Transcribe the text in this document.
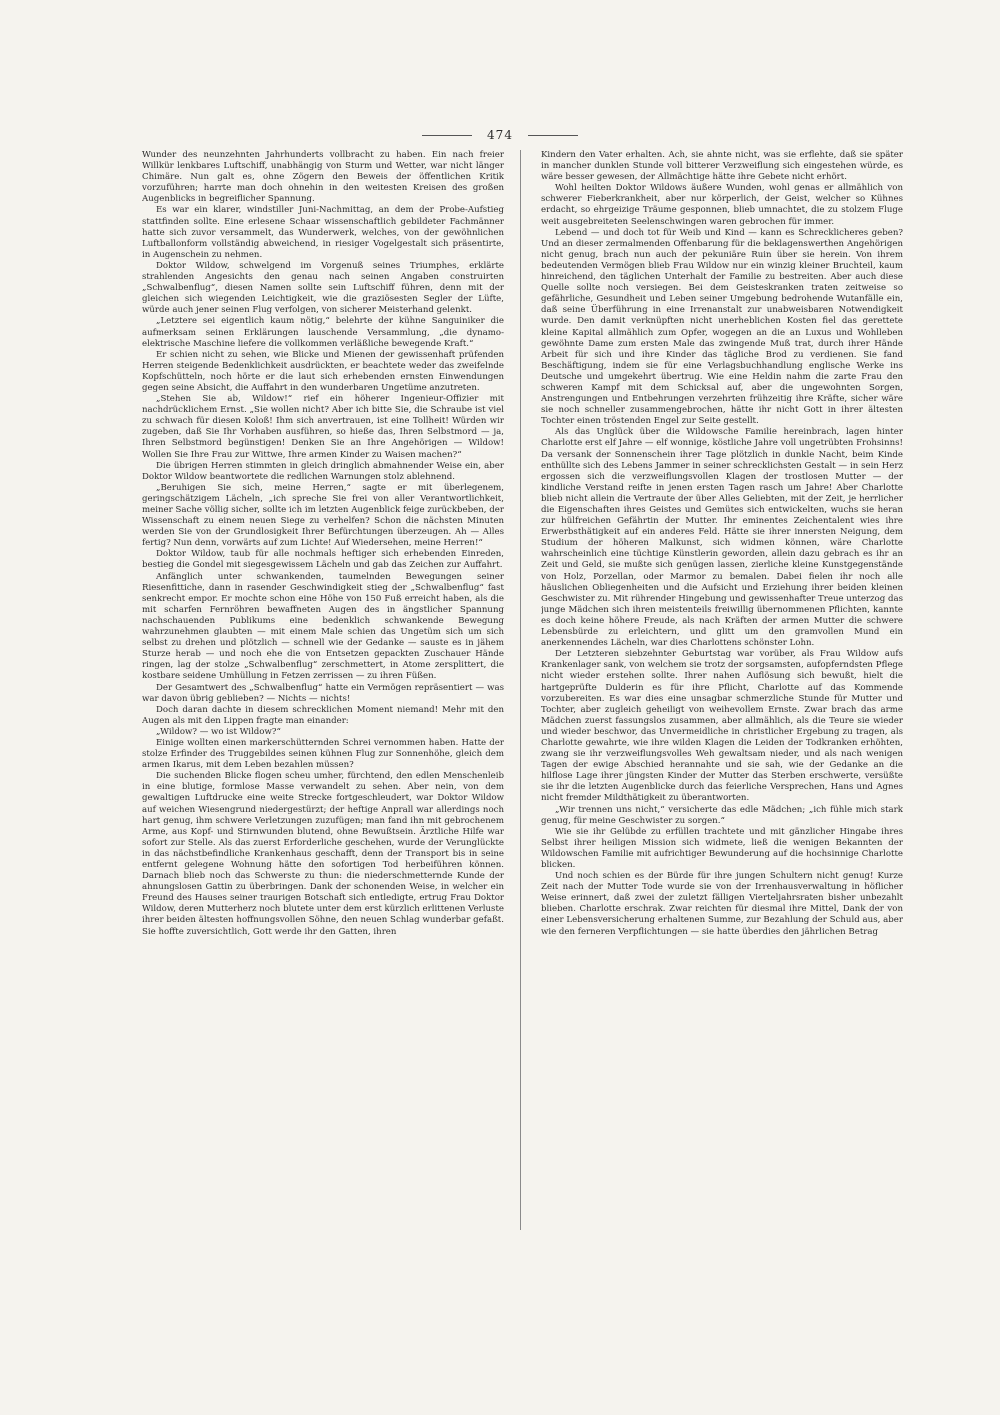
474

Wunder des neunzehnten Jahrhunderts vollbracht zu haben. Ein nach freier Willkür lenkbares Luftschiff, unabhängig von Sturm und Wetter, war nicht länger Chimäre. Nun galt es, ohne Zögern den Beweis der öffentlichen Kritik vorzuführen; harrte man doch ohnehin in den weitesten Kreisen des großen Augenblicks in begreiflicher Spannung.

Es war ein klarer, windstiller Juni-Nachmittag, an dem der Probe-Aufstieg stattfinden sollte. Eine erlesene Schaar wissenschaftlich gebildeter Fachmänner hatte sich zuvor versammelt, das Wunderwerk, welches, von der gewöhnlichen Luftballonform vollständig abweichend, in riesiger Vogelgestalt sich präsentirte, in Augenschein zu nehmen.

Doktor Wildow, schwelgend im Vorgenuß seines Triumphes, erklärte strahlenden Angesichts den genau nach seinen Angaben construirten „Schwalbenflug“, diesen Namen sollte sein Luftschiff führen, denn mit der gleichen sich wiegenden Leichtigkeit, wie die graziösesten Segler der Lüfte, würde auch jener seinen Flug verfolgen, von sicherer Meisterhand gelenkt.

„Letztere sei eigentlich kaum nötig,“ belehrte der kühne Sanguiniker die aufmerksam seinen Erklärungen lauschende Versammlung, „die dynamo-elektrische Maschine liefere die vollkommen verläßliche bewegende Kraft.“

Er schien nicht zu sehen, wie Blicke und Mienen der gewissenhaft prüfenden Herren steigende Bedenklichkeit ausdrückten, er beachtete weder das zweifelnde Kopfschütteln, noch hörte er die laut sich erhebenden ernsten Einwendungen gegen seine Absicht, die Auffahrt in den wunderbaren Ungetüme anzutreten.

„Stehen Sie ab, Wildow!“ rief ein höherer Ingenieur-Offizier mit nachdrücklichem Ernst. „Sie wollen nicht? Aber ich bitte Sie, die Schraube ist viel zu schwach für diesen Koloß! Ihm sich anvertrauen, ist eine Tollheit! Würden wir zugeben, daß Sie Ihr Vorhaben ausführen, so hieße das, Ihren Selbstmord — ja, Ihren Selbstmord begünstigen! Denken Sie an Ihre Angehörigen — Wildow! Wollen Sie Ihre Frau zur Wittwe, Ihre armen Kinder zu Waisen machen?“

Die übrigen Herren stimmten in gleich dringlich abmahnender Weise ein, aber Doktor Wildow beantwortete die redlichen Warnungen stolz ablehnend.

„Beruhigen Sie sich, meine Herren,“ sagte er mit überlegenem, geringschätzigem Lächeln, „ich spreche Sie frei von aller Verantwortlichkeit, meiner Sache völlig sicher, sollte ich im letzten Augenblick feige zurückbeben, der Wissenschaft zu einem neuen Siege zu verhelfen? Schon die nächsten Minuten werden Sie von der Grundlosigkeit Ihrer Befürchtungen überzeugen. Ah — Alles fertig? Nun denn, vorwärts auf zum Lichte! Auf Wiedersehen, meine Herren!“

Doktor Wildow, taub für alle nochmals heftiger sich erhebenden Einreden, bestieg die Gondel mit siegesgewissem Lächeln und gab das Zeichen zur Auffahrt.

Anfänglich unter schwankenden, taumelnden Bewegungen seiner Riesenfittiche, dann in rasender Geschwindigkeit stieg der „Schwalbenflug“ fast senkrecht empor. Er mochte schon eine Höhe von 150 Fuß erreicht haben, als die mit scharfen Fernröhren bewaffneten Augen des in ängstlicher Spannung nachschauenden Publikums eine bedenklich schwankende Bewegung wahrzunehmen glaubten — mit einem Male schien das Ungetüm sich um sich selbst zu drehen und plötzlich — schnell wie der Gedanke — sauste es in jähem Sturze herab — und noch ehe die von Entsetzen gepackten Zuschauer Hände ringen, lag der stolze „Schwalbenflug“ zerschmettert, in Atome zersplittert, die kostbare seidene Umhüllung in Fetzen zerrissen — zu ihren Füßen.

Der Gesamtwert des „Schwalbenflug“ hatte ein Vermögen repräsentiert — was war davon übrig geblieben? — Nichts — nichts!

Doch daran dachte in diesem schrecklichen Moment niemand! Mehr mit den Augen als mit den Lippen fragte man einander:

„Wildow? — wo ist Wildow?“

Einige wollten einen markerschütternden Schrei vernommen haben. Hatte der stolze Erfinder des Truggebildes seinen kühnen Flug zur Sonnenhöhe, gleich dem armen Ikarus, mit dem Leben bezahlen müssen?

Die suchenden Blicke flogen scheu umher, fürchtend, den edlen Menschenleib in eine blutige, formlose Masse verwandelt zu sehen. Aber nein, von dem gewaltigen Luftdrucke eine weite Strecke fortgeschleudert, war Doktor Wildow auf weichen Wiesengrund niedergestürzt; der heftige Anprall war allerdings noch hart genug, ihm schwere Verletzungen zuzufügen; man fand ihn mit gebrochenem Arme, aus Kopf- und Stirnwunden blutend, ohne Bewußtsein. Ärztliche Hilfe war sofort zur Stelle. Als das zuerst Erforderliche geschehen, wurde der Verunglückte in das nächstbefindliche Krankenhaus geschafft, denn der Transport bis in seine entfernt gelegene Wohnung hätte den sofortigen Tod herbeiführen können. Darnach blieb noch das Schwerste zu thun: die niederschmetternde Kunde der ahnungslosen Gattin zu überbringen. Dank der schonenden Weise, in welcher ein Freund des Hauses seiner traurigen Botschaft sich entledigte, ertrug Frau Doktor Wildow, deren Mutterherz noch blutete unter dem erst kürzlich erlittenen Verluste ihrer beiden ältesten hoffnungsvollen Söhne, den neuen Schlag wunderbar gefaßt. Sie hoffte zuversichtlich, Gott werde ihr den Gatten, ihren

Kindern den Vater erhalten. Ach, sie ahnte nicht, was sie erflehte, daß sie später in mancher dunklen Stunde voll bitterer Verzweiflung sich eingestehen würde, es wäre besser gewesen, der Allmächtige hätte ihre Gebete nicht erhört.

Wohl heilten Doktor Wildows äußere Wunden, wohl genas er allmählich von schwerer Fieberkrankheit, aber nur körperlich, der Geist, welcher so Kühnes erdacht, so ehrgeizige Träume gesponnen, blieb umnachtet, die zu stolzem Fluge weit ausgebreiteten Seelenschwingen waren gebrochen für immer.

Lebend — und doch tot für Weib und Kind — kann es Schrecklicheres geben? Und an dieser zermalmenden Offenbarung für die beklagenswerthen Angehörigen nicht genug, brach nun auch der pekuniäre Ruin über sie herein. Von ihrem bedeutenden Vermögen blieb Frau Wildow nur ein winzig kleiner Bruchteil, kaum hinreichend, den täglichen Unterhalt der Familie zu bestreiten. Aber auch diese Quelle sollte noch versiegen. Bei dem Geisteskranken traten zeitweise so gefährliche, Gesundheit und Leben seiner Umgebung bedrohende Wutanfälle ein, daß seine Überführung in eine Irrenanstalt zur unabweisbaren Notwendigkeit wurde. Den damit verknüpften nicht unerheblichen Kosten fiel das gerettete kleine Kapital allmählich zum Opfer, wogegen an die an Luxus und Wohlleben gewöhnte Dame zum ersten Male das zwingende Muß trat, durch ihrer Hände Arbeit für sich und ihre Kinder das tägliche Brod zu verdienen. Sie fand Beschäftigung, indem sie für eine Verlagsbuchhandlung englische Werke ins Deutsche und umgekehrt übertrug. Wie eine Heldin nahm die zarte Frau den schweren Kampf mit dem Schicksal auf, aber die ungewohnten Sorgen, Anstrengungen und Entbehrungen verzehrten frühzeitig ihre Kräfte, sicher wäre sie noch schneller zusammengebrochen, hätte ihr nicht Gott in ihrer ältesten Tochter einen tröstenden Engel zur Seite gestellt.

Als das Unglück über die Wildowsche Familie hereinbrach, lagen hinter Charlotte erst elf Jahre — elf wonnige, köstliche Jahre voll ungetrübten Frohsinns! Da versank der Sonnenschein ihrer Tage plötzlich in dunkle Nacht, beim Kinde enthüllte sich des Lebens Jammer in seiner schrecklichsten Gestalt — in sein Herz ergossen sich die verzweiflungsvollen Klagen der trostlosen Mutter — der kindliche Verstand reifte in jenen ersten Tagen rasch um Jahre! Aber Charlotte blieb nicht allein die Vertraute der über Alles Geliebten, mit der Zeit, je herrlicher die Eigenschaften ihres Geistes und Gemütes sich entwickelten, wuchs sie heran zur hülfreichen Gefährtin der Mutter. Ihr eminentes Zeichentalent wies ihre Erwerbsthätigkeit auf ein anderes Feld. Hätte sie ihrer innersten Neigung, dem Studium der höheren Malkunst, sich widmen können, wäre Charlotte wahrscheinlich eine tüchtige Künstlerin geworden, allein dazu gebrach es ihr an Zeit und Geld, sie mußte sich genügen lassen, zierliche kleine Kunstgegenstände von Holz, Porzellan, oder Marmor zu bemalen. Dabei fielen ihr noch alle häuslichen Obliegenheiten und die Aufsicht und Erziehung ihrer beiden kleinen Geschwister zu. Mit rührender Hingebung und gewissenhafter Treue unterzog das junge Mädchen sich ihren meistenteils freiwillig übernommenen Pflichten, kannte es doch keine höhere Freude, als nach Kräften der armen Mutter die schwere Lebensbürde zu erleichtern, und glitt um den gramvollen Mund ein anerkennendes Lächeln, war dies Charlottens schönster Lohn.

Der Letzteren siebzehnter Geburtstag war vorüber, als Frau Wildow aufs Krankenlager sank, von welchem sie trotz der sorgsamsten, aufopferndsten Pflege nicht wieder erstehen sollte. Ihrer nahen Auflösung sich bewußt, hielt die hartgeprüfte Dulderin es für ihre Pflicht, Charlotte auf das Kommende vorzubereiten. Es war dies eine unsagbar schmerzliche Stunde für Mutter und Tochter, aber zugleich geheiligt von weihevollem Ernste. Zwar brach das arme Mädchen zuerst fassungslos zusammen, aber allmählich, als die Teure sie wieder und wieder beschwor, das Unvermeidliche in christlicher Ergebung zu tragen, als Charlotte gewahrte, wie ihre wilden Klagen die Leiden der Todkranken erhöhten, zwang sie ihr verzweiflungsvolles Weh gewaltsam nieder, und als nach wenigen Tagen der ewige Abschied herannahte und sie sah, wie der Gedanke an die hilflose Lage ihrer jüngsten Kinder der Mutter das Sterben erschwerte, versüßte sie ihr die letzten Augenblicke durch das feierliche Versprechen, Hans und Agnes nicht fremder Mildthätigkeit zu überantworten.

„Wir trennen uns nicht,“ versicherte das edle Mädchen; „ich fühle mich stark genug, für meine Geschwister zu sorgen.“

Wie sie ihr Gelübde zu erfüllen trachtete und mit gänzlicher Hingabe ihres Selbst ihrer heiligen Mission sich widmete, ließ die wenigen Bekannten der Wildowschen Familie mit aufrichtiger Bewunderung auf die hochsinnige Charlotte blicken.

Und noch schien es der Bürde für ihre jungen Schultern nicht genug! Kurze Zeit nach der Mutter Tode wurde sie von der Irrenhausverwaltung in höflicher Weise erinnert, daß zwei der zuletzt fälligen Vierteljahrsraten bisher unbezahlt blieben. Charlotte erschrak. Zwar reichten für diesmal ihre Mittel, Dank der von einer Lebensversicherung erhaltenen Summe, zur Bezahlung der Schuld aus, aber wie den ferneren Verpflichtungen — sie hatte überdies den jährlichen Betrag
